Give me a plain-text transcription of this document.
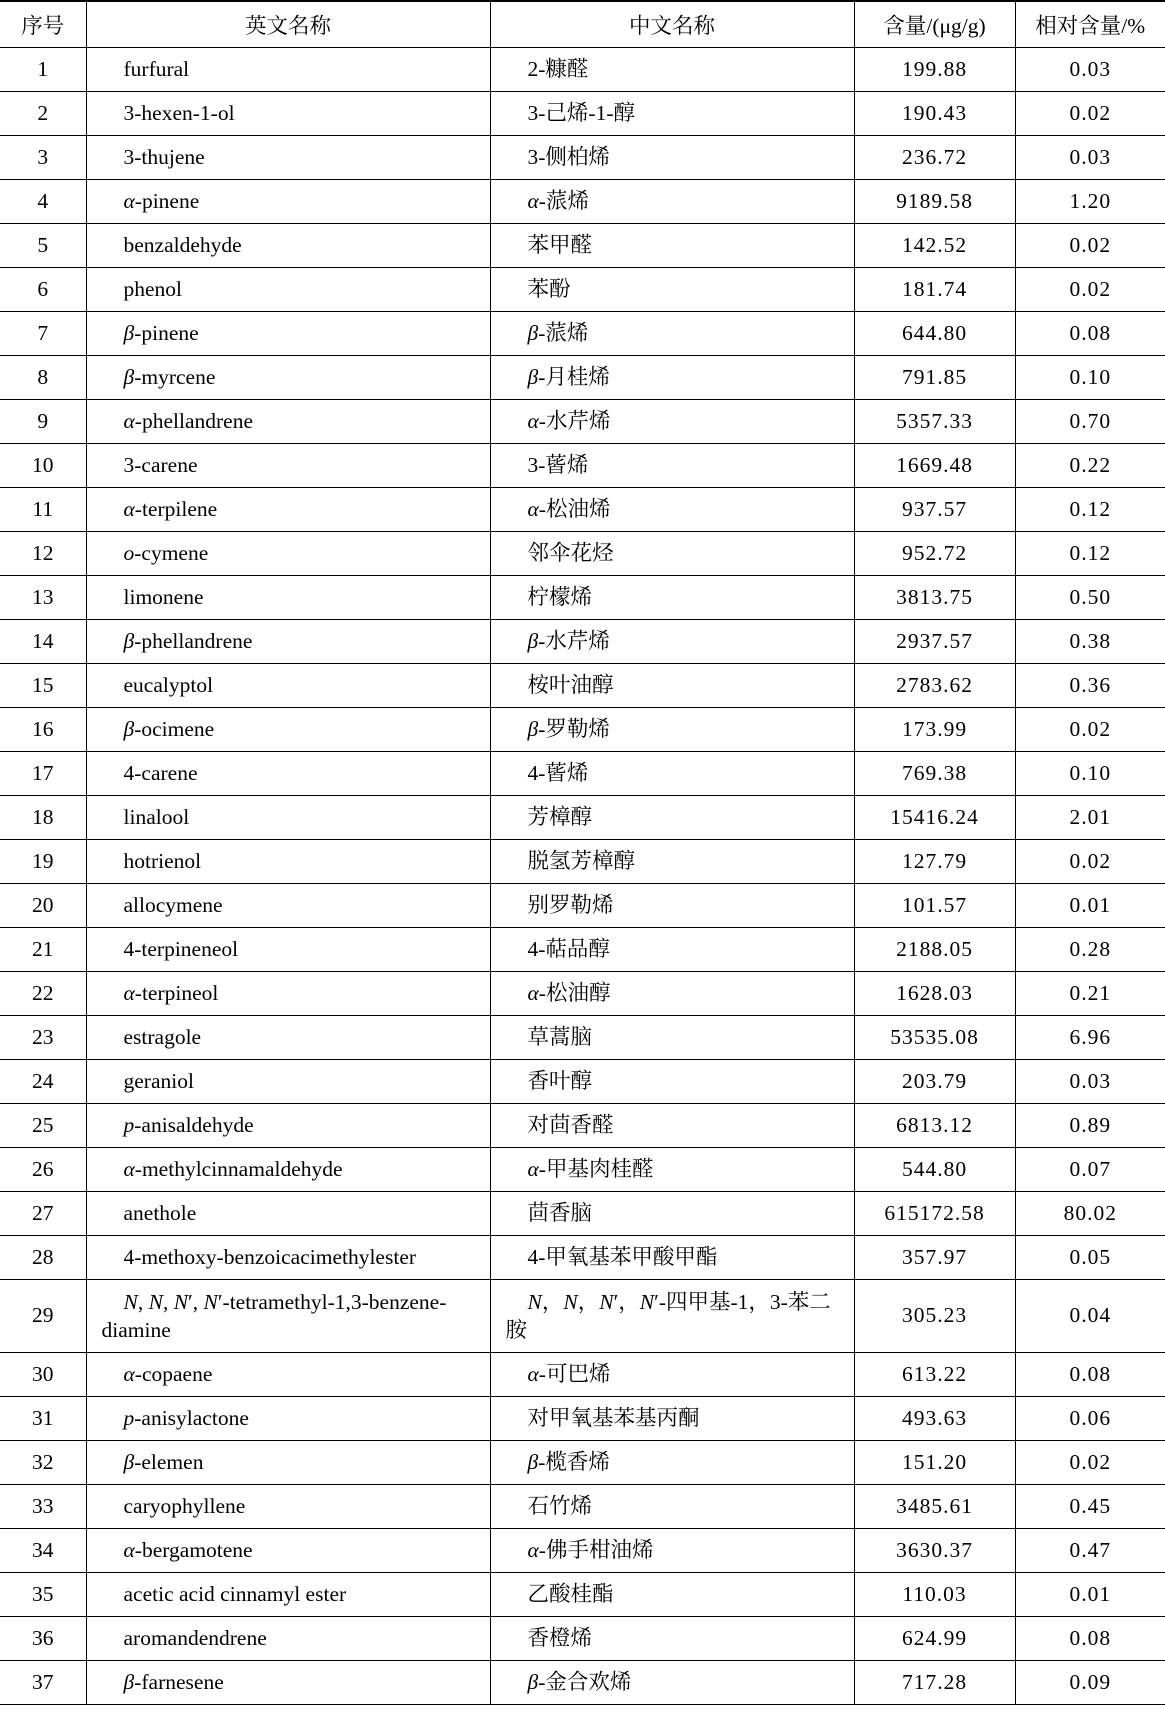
序号	英文名称	中文名称	含量/(μg/g)	相对含量/%
1	furfural	2-糠醛	199.88	0.03
2	3-hexen-1-ol	3-己烯-1-醇	190.43	0.02
3	3-thujene	3-侧柏烯	236.72	0.03
4	α-pinene	α-蒎烯	9189.58	1.20
5	benzaldehyde	苯甲醛	142.52	0.02
6	phenol	苯酚	181.74	0.02
7	β-pinene	β-蒎烯	644.80	0.08
8	β-myrcene	β-月桂烯	791.85	0.10
9	α-phellandrene	α-水芹烯	5357.33	0.70
10	3-carene	3-蒈烯	1669.48	0.22
11	α-terpilene	α-松油烯	937.57	0.12
12	o-cymene	邻伞花烃	952.72	0.12
13	limonene	柠檬烯	3813.75	0.50
14	β-phellandrene	β-水芹烯	2937.57	0.38
15	eucalyptol	桉叶油醇	2783.62	0.36
16	β-ocimene	β-罗勒烯	173.99	0.02
17	4-carene	4-蒈烯	769.38	0.10
18	linalool	芳樟醇	15416.24	2.01
19	hotrienol	脱氢芳樟醇	127.79	0.02
20	allocymene	别罗勒烯	101.57	0.01
21	4-terpineneol	4-萜品醇	2188.05	0.28
22	α-terpineol	α-松油醇	1628.03	0.21
23	estragole	草蒿脑	53535.08	6.96
24	geraniol	香叶醇	203.79	0.03
25	p-anisaldehyde	对茴香醛	6813.12	0.89
26	α-methylcinnamaldehyde	α-甲基肉桂醛	544.80	0.07
27	anethole	茴香脑	615172.58	80.02
28	4-methoxy-benzoicacimethylester	4-甲氧基苯甲酸甲酯	357.97	0.05
29	N, N, N′, N′-tetramethyl-1,3-benzene-diamine	N，N，N′，N′-四甲基-1，3-苯二胺	305.23	0.04
30	α-copaene	α-可巴烯	613.22	0.08
31	p-anisylactone	对甲氧基苯基丙酮	493.63	0.06
32	β-elemen	β-榄香烯	151.20	0.02
33	caryophyllene	石竹烯	3485.61	0.45
34	α-bergamotene	α-佛手柑油烯	3630.37	0.47
35	acetic acid cinnamyl ester	乙酸桂酯	110.03	0.01
36	aromandendrene	香橙烯	624.99	0.08
37	β-farnesene	β-金合欢烯	717.28	0.09
